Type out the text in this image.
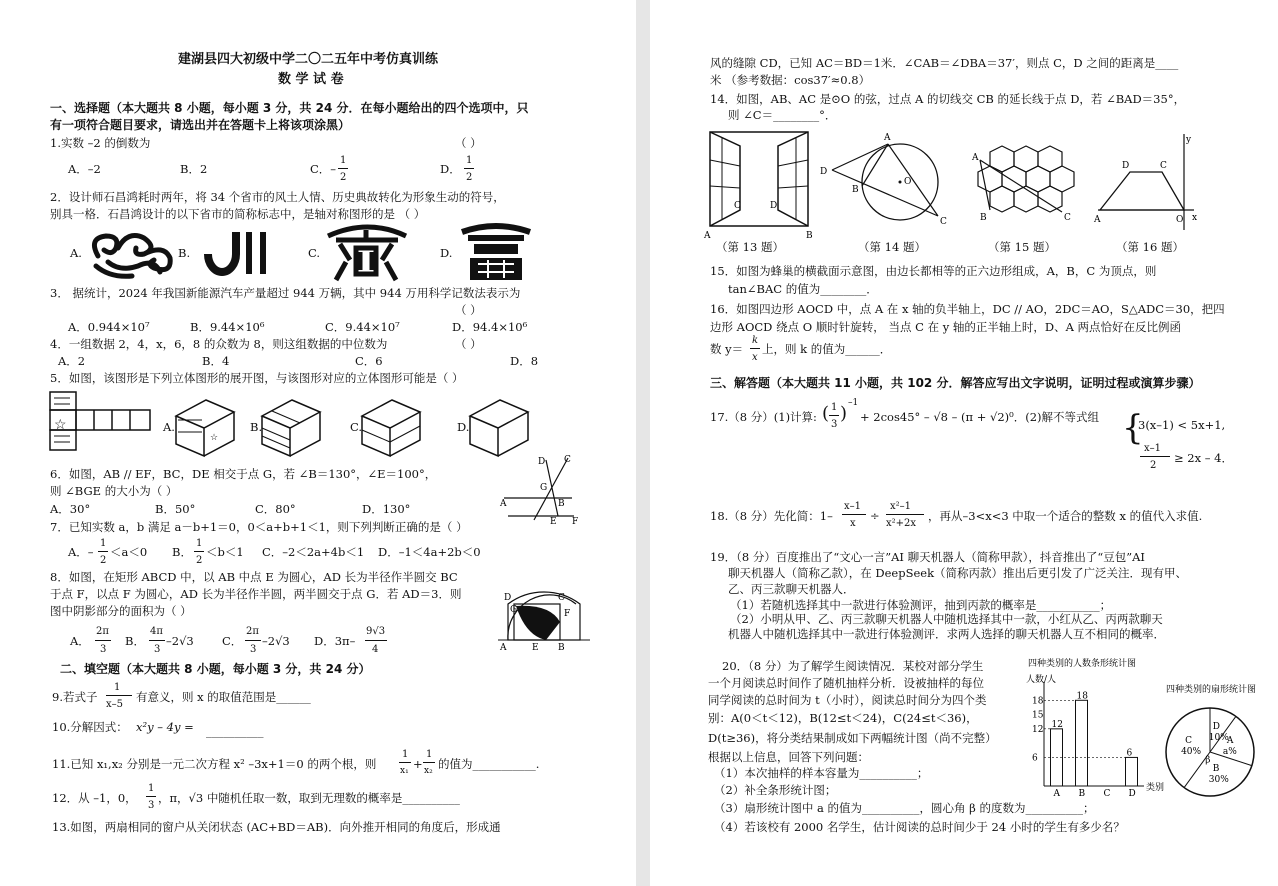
建湖县四大初级中学二〇二五年中考仿真训练
数 学 试 卷
一、选择题（本大题共 8 小题，每小题 3 分，共 24 分．在每小题给出的四个选项中，只
有一项符合题目要求，请选出并在答题卡上将该项涂黑）
1.实数 –2 的倒数为	（ ）
A．–2	B．2	C．–
1
2
D．
1
2
2．设计师石昌鸿耗时两年，将 34 个省市的风土人情、历史典故转化为形象生动的符号，
别具一格．石昌鸿设计的以下省市的简称标志中，是轴对称图形的是 （ ）
A.	B.	C.	D.
3． 据统计，2024 年我国新能源汽车产量超过 944 万辆，其中 944 万用科学记数法表示为
（ ）
A．0.944×10⁷	B．9.44×10⁶	C．9.44×10⁷	D．94.4×10⁶
4．一组数据 2，4，x，6，8 的众数为 8，则这组数据的中位数为	（ ）
A．2	B．4	C．6	D．8
5．如图，该图形是下列立体图形的展开图，与该图形对应的立体图形可能是（ ）
☆	A.
☆
B.	C.	D.
6．如图，AB // EF，BC，DE 相交于点 G，若 ∠B＝130°，∠E＝100°，
则 ∠BGE 的大小为（ ）
A．30°	B．50°	C．80°	D．130°
D C
G
A	B
E F
7．已知实数 a，b 满足 a－b+1＝0，0＜a+b+1＜1，则下列判断正确的是（ ）
A．–
1
2
＜a＜0 B．
1
2
＜b＜1 C．–2＜2a+4b＜1 D．–1＜4a+2b＜0
8．如图，在矩形 ABCD 中，以 AB 中点 E 为圆心，AD 长为半径作半圆交 BC
于点 F，以点 F 为圆心，AD 长为半径作半圆，两半圆交于点 G．若 AD＝3．则
图中阴影部分的面积为（ ）
A．
2π
3
B．
4π
3
–2√3 C．
2π
3
–2√3 D．3π–
9√3
4
D
G
C
F
A	E B
二、填空题（本大题共 8 小题，每小题 3 分，共 24 分）
9.若式子
1
x–5
有意义，则 x 的取值范围是______
10.分解因式： x²y – 4y = __________
11.已知 x₁,x₂ 分别是一元二次方程 x² –3x+1＝0 的两个根，则
1
x₁ +
1
x₂ 的值为___________.
12．从 –1，0，
1
3
，π，√3 中随机任取一数，取到无理数的概率是__________
13.如图，两扇相同的窗户从关闭状态 (AC+BD＝AB)．向外推开相同的角度后，形成通
风的缝隙 CD，已知 AC＝BD＝1米．∠CAB＝∠DBA＝37′，则点 C，D 之间的距离是____
米 （参考数据：cos37′≈0.8）
14．如图，AB、AC 是⊙O 的弦，过点 A 的切线交 CB 的延长线于点 D，若 ∠BAD＝35°，
则 ∠C＝________°．
C	D
A	B
（第 13 题）
D
A
B
O
C
（第 14 题）
A
B	C
（第 15 题）
y
x
D	C
A	O
（第 16 题）
15．如图为蜂巢的横截面示意图，由边长都相等的正六边形组成，A，B，C 为顶点，则
tan∠BAC 的值为________．
16．如图四边形 AOCD 中，点 A 在 x 轴的负半轴上，DC // AO，2DC＝AO，S△ADC＝30，把四
边形 AOCD 绕点 O 顺时针旋转， 当点 C 在 y 轴的正半轴上时，D、A 两点恰好在反比例函
数 y＝
k
x
上，则 k 的值为______．
三、解答题（本大题共 11 小题，共 102 分．解答应写出文字说明，证明过程或演算步骤）
17.（8 分）(1)计算: ( 1
3
) –1
+ 2cos45° – √8 – (π + √2)⁰．(2)解不等式组 {
3(x–1) < 5x+1,
x–1
2
≥ 2x – 4．
18.（8 分）先化简：1–
x–1
x
÷
x²–1
x²+2x
，再从–3<x<3 中取一个适合的整数 x 的值代入求值.
19．（8 分）百度推出了“文心一言”AI 聊天机器人（简称甲款），抖音推出了“豆包”AI
聊天机器人（简称乙款），在 DeepSeek（简称丙款）推出后更引发了广泛关注．现有甲、
乙、丙三款聊天机器人．
（1）若随机选择其中一款进行体验测评，抽到丙款的概率是___________；
（2）小明从甲、乙、丙三款聊天机器人中随机选择其中一款，小红从乙、丙两款聊天
机器人中随机选择其中一款进行体验测评．求两人选择的聊天机器人互不相同的概率．
20．（8 分）为了解学生阅读情况．某校对部分学生
一个月阅读总时间作了随机抽样分析．设被抽样的每位
同学阅读的总时间为 t（小时），阅读总时间分为四个类
别：A(0＜t＜12)，B(12≤t＜24)，C(24≤t＜36)，
D(t≥36)，将分类结果制成如下两幅统计图（尚不完整）
根据以上信息，回答下列问题：
（1）本次抽样的样本容量为__________；
（2）补全条形统计图；
（3）扇形统计图中 a 的值为__________，圆心角 β 的度数为__________；
（4）若该校有 2000 名学生，估计阅读的总时间少于 24 小时的学生有多少名？
四种类别的人数条形统计图
人数/人
类别
6
12
15
18
A
12
B
18
C D
6
四种类别的扇形统计图
D
10%
A
a%
B
30%
C
40%
β
